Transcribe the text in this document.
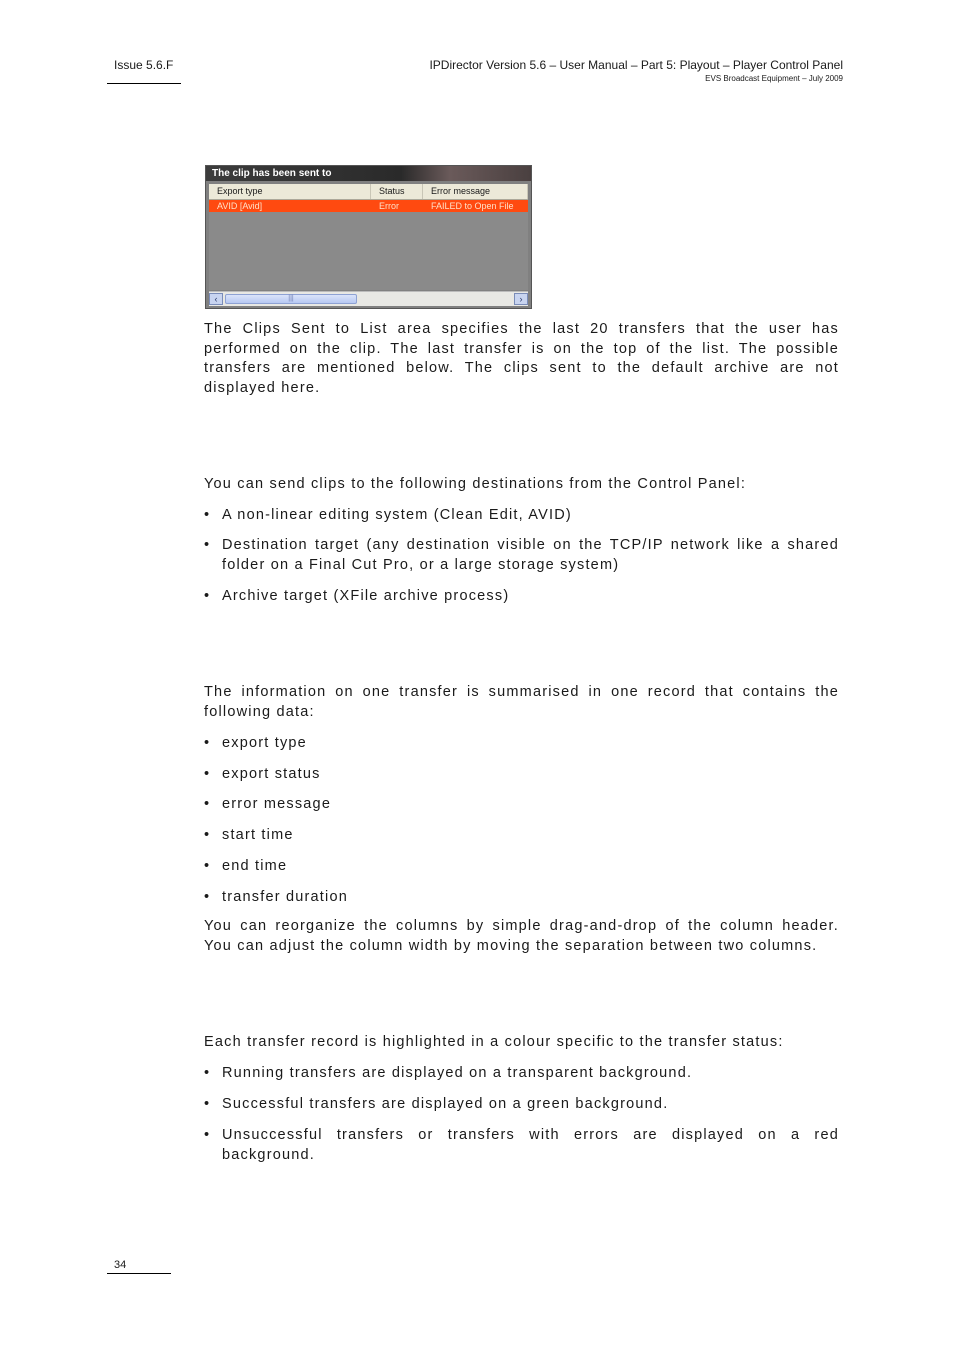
Issue 5.6.F	IPDirector Version 5.6 – User Manual – Part 5: Playout – Player Control Panel
EVS Broadcast Equipment – July 2009
The clip has been sent to
Export type	Status	Error message
AVID [Avid]	Error	FAILED to Open File
‹	|||	›

The Clips Sent to List area specifies the last 20 transfers that the user has performed on the clip. The last transfer is on the top of the list. The possible transfers are mentioned below. The clips sent to the default archive are not displayed here.

You can send clips to the following destinations from the Control Panel:

• A non-linear editing system (Clean Edit, AVID)
• Destination target (any destination visible on the TCP/IP network like a shared folder on a Final Cut Pro, or a large storage system)
• Archive target (XFile archive process)

The information on one transfer is summarised in one record that contains the following data:

• export type
• export status
• error message
• start time
• end time
• transfer duration

You can reorganize the columns by simple drag-and-drop of the column header. You can adjust the column width by moving the separation between two columns.

Each transfer record is highlighted in a colour specific to the transfer status:

• Running transfers are displayed on a transparent background.
• Successful transfers are displayed on a green background.
• Unsuccessful transfers or transfers with errors are displayed on a red background.
34
